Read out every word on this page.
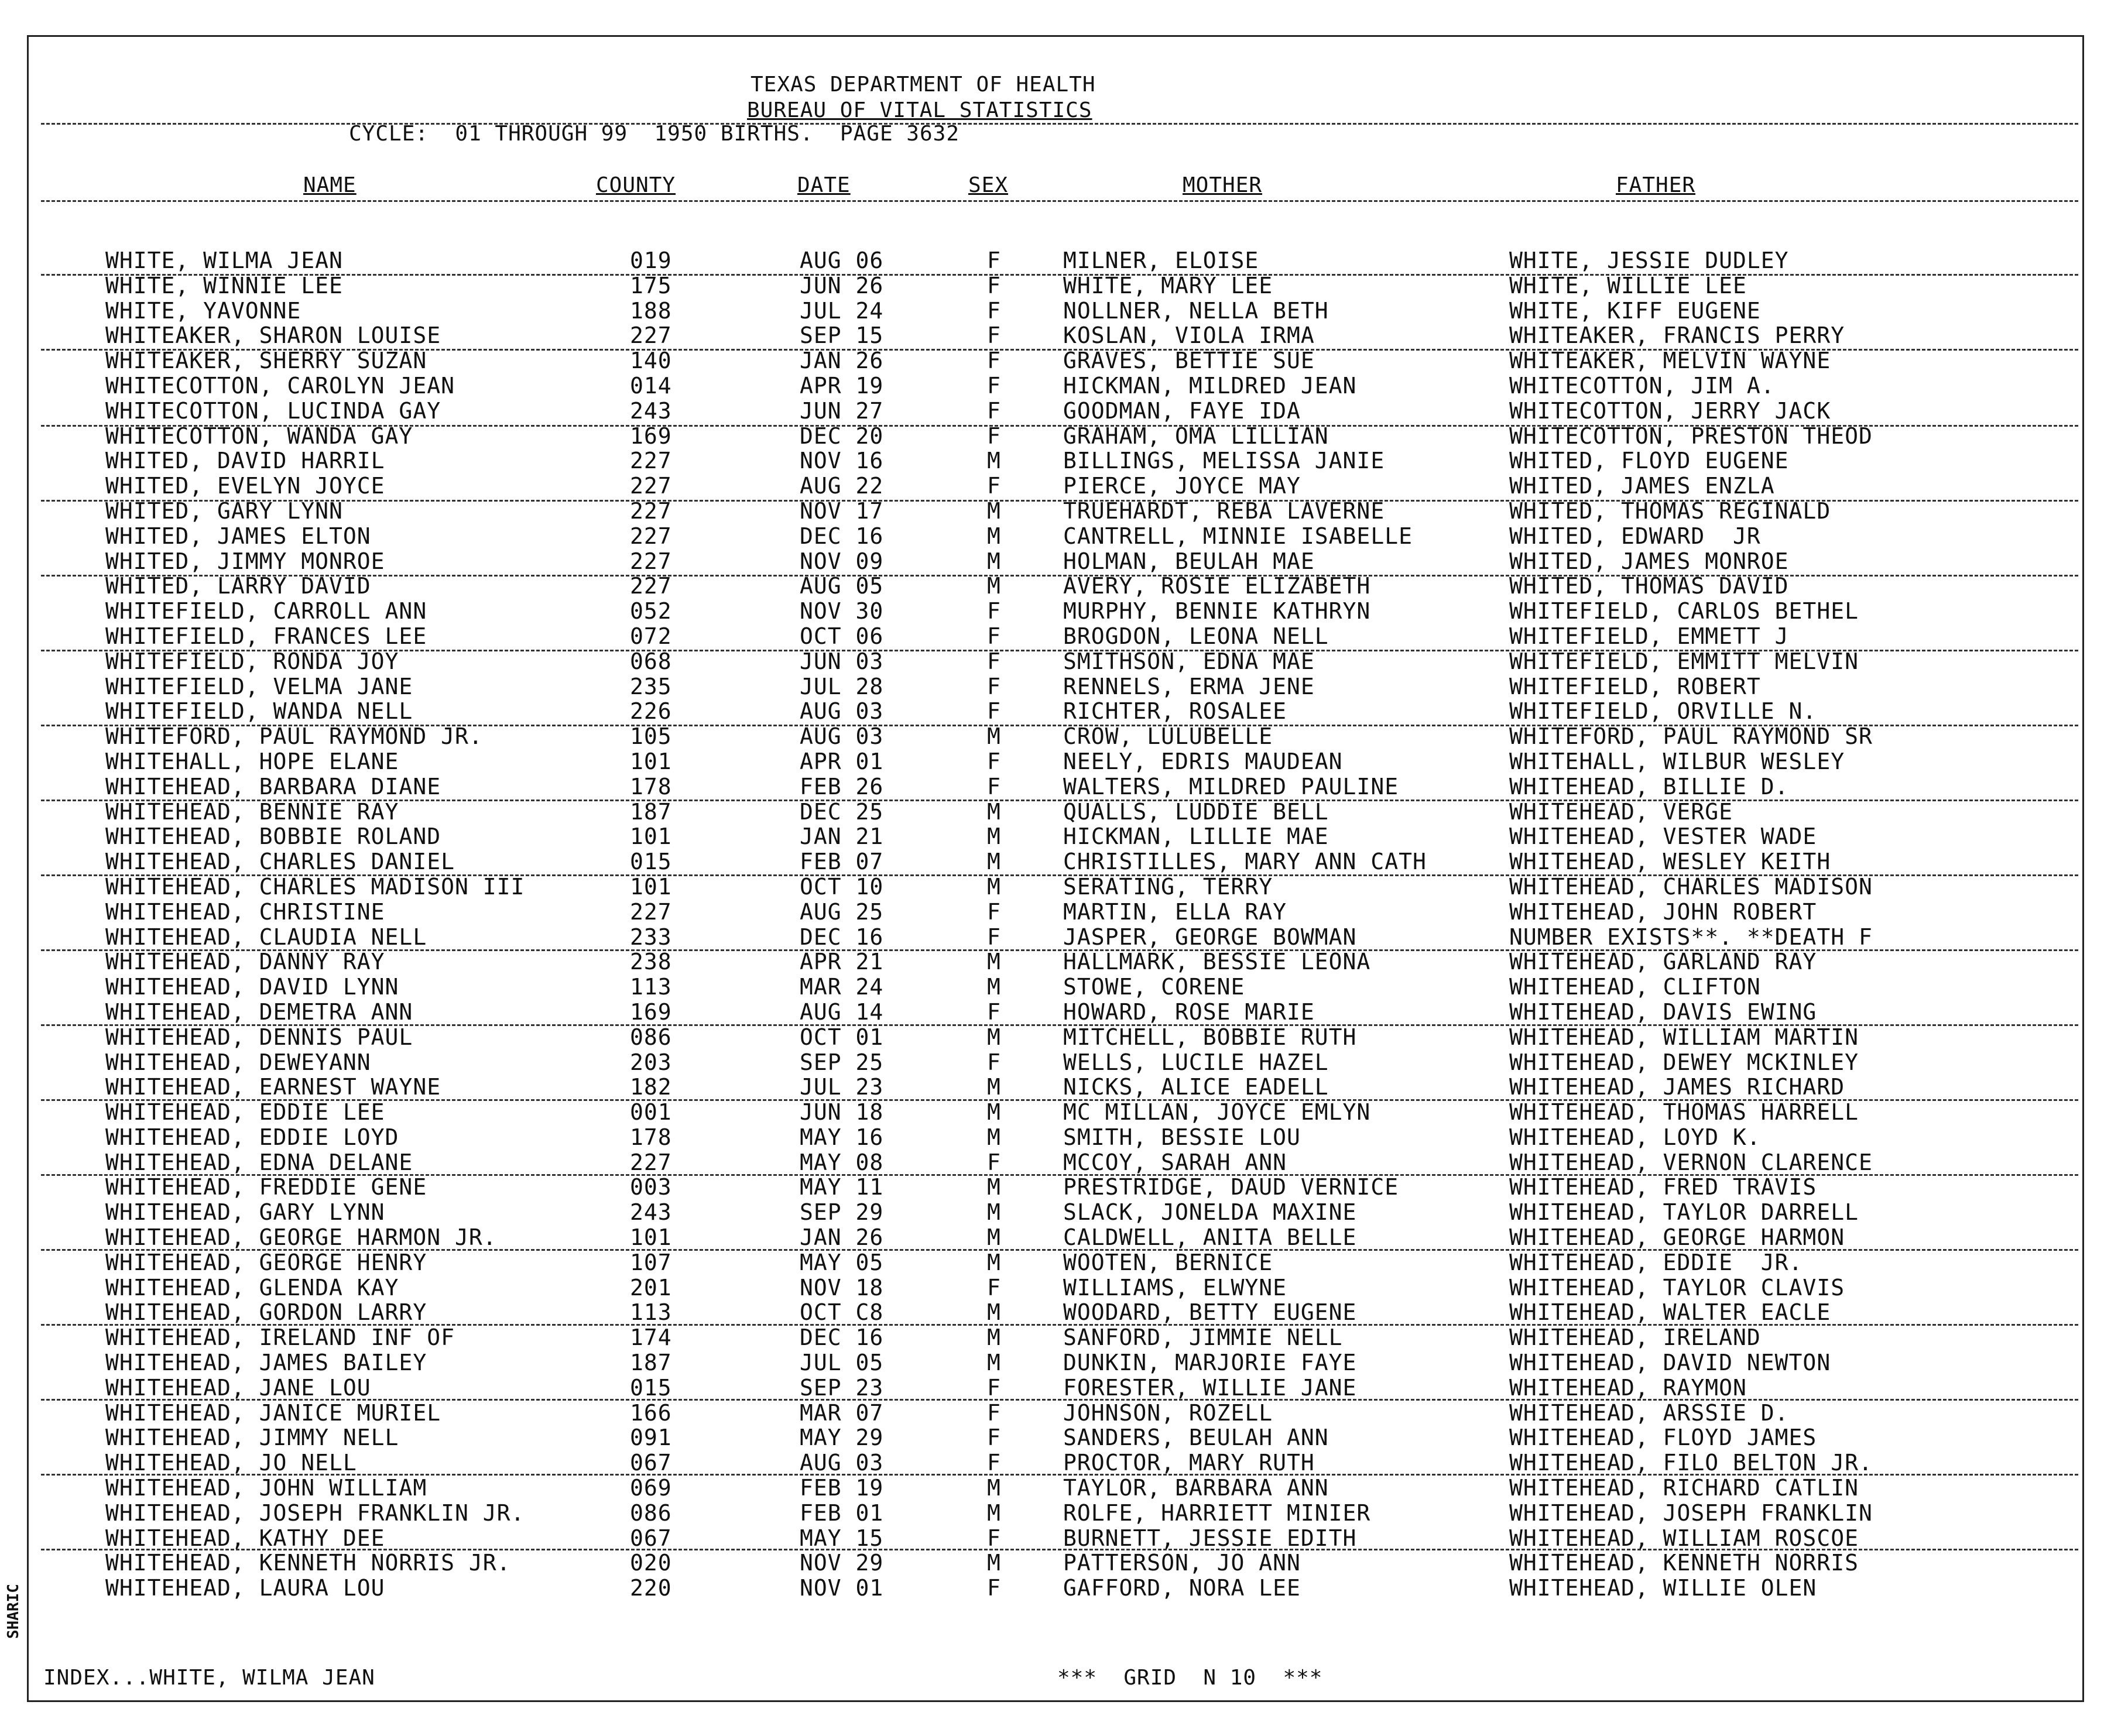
SHARIC
TEXAS DEPARTMENT OF HEALTH
BUREAU OF VITAL STATISTICS
CYCLE:  01 THROUGH 99  1950 BIRTHS.  PAGE 3632
NAME	COUNTY	DATE	SEX	MOTHER	FATHER
WHITE, WILMA JEAN	019	AUG 06	F	MILNER, ELOISE	WHITE, JESSIE DUDLEY
WHITE, WINNIE LEE	175	JUN 26	F	WHITE, MARY LEE	WHITE, WILLIE LEE
WHITE, YAVONNE	188	JUL 24	F	NOLLNER, NELLA BETH	WHITE, KIFF EUGENE
WHITEAKER, SHARON LOUISE	227	SEP 15	F	KOSLAN, VIOLA IRMA	WHITEAKER, FRANCIS PERRY
WHITEAKER, SHERRY SUZAN	140	JAN 26	F	GRAVES, BETTIE SUE	WHITEAKER, MELVIN WAYNE
WHITECOTTON, CAROLYN JEAN	014	APR 19	F	HICKMAN, MILDRED JEAN	WHITECOTTON, JIM A.
WHITECOTTON, LUCINDA GAY	243	JUN 27	F	GOODMAN, FAYE IDA	WHITECOTTON, JERRY JACK
WHITECOTTON, WANDA GAY	169	DEC 20	F	GRAHAM, OMA LILLIAN	WHITECOTTON, PRESTON THEOD
WHITED, DAVID HARRIL	227	NOV 16	M	BILLINGS, MELISSA JANIE	WHITED, FLOYD EUGENE
WHITED, EVELYN JOYCE	227	AUG 22	F	PIERCE, JOYCE MAY	WHITED, JAMES ENZLA
WHITED, GARY LYNN	227	NOV 17	M	TRUEHARDT, REBA LAVERNE	WHITED, THOMAS REGINALD
WHITED, JAMES ELTON	227	DEC 16	M	CANTRELL, MINNIE ISABELLE	WHITED, EDWARD  JR
WHITED, JIMMY MONROE	227	NOV 09	M	HOLMAN, BEULAH MAE	WHITED, JAMES MONROE
WHITED, LARRY DAVID	227	AUG 05	M	AVERY, ROSIE ELIZABETH	WHITED, THOMAS DAVID
WHITEFIELD, CARROLL ANN	052	NOV 30	F	MURPHY, BENNIE KATHRYN	WHITEFIELD, CARLOS BETHEL
WHITEFIELD, FRANCES LEE	072	OCT 06	F	BROGDON, LEONA NELL	WHITEFIELD, EMMETT J
WHITEFIELD, RONDA JOY	068	JUN 03	F	SMITHSON, EDNA MAE	WHITEFIELD, EMMITT MELVIN
WHITEFIELD, VELMA JANE	235	JUL 28	F	RENNELS, ERMA JENE	WHITEFIELD, ROBERT
WHITEFIELD, WANDA NELL	226	AUG 03	F	RICHTER, ROSALEE	WHITEFIELD, ORVILLE N.
WHITEFORD, PAUL RAYMOND JR.	105	AUG 03	M	CROW, LULUBELLE	WHITEFORD, PAUL RAYMOND SR
WHITEHALL, HOPE ELANE	101	APR 01	F	NEELY, EDRIS MAUDEAN	WHITEHALL, WILBUR WESLEY
WHITEHEAD, BARBARA DIANE	178	FEB 26	F	WALTERS, MILDRED PAULINE	WHITEHEAD, BILLIE D.
WHITEHEAD, BENNIE RAY	187	DEC 25	M	QUALLS, LUDDIE BELL	WHITEHEAD, VERGE
WHITEHEAD, BOBBIE ROLAND	101	JAN 21	M	HICKMAN, LILLIE MAE	WHITEHEAD, VESTER WADE
WHITEHEAD, CHARLES DANIEL	015	FEB 07	M	CHRISTILLES, MARY ANN CATH	WHITEHEAD, WESLEY KEITH
WHITEHEAD, CHARLES MADISON III	101	OCT 10	M	SERATING, TERRY	WHITEHEAD, CHARLES MADISON
WHITEHEAD, CHRISTINE	227	AUG 25	F	MARTIN, ELLA RAY	WHITEHEAD, JOHN ROBERT
WHITEHEAD, CLAUDIA NELL	233	DEC 16	F	JASPER, GEORGE BOWMAN	NUMBER EXISTS**. **DEATH F
WHITEHEAD, DANNY RAY	238	APR 21	M	HALLMARK, BESSIE LEONA	WHITEHEAD, GARLAND RAY
WHITEHEAD, DAVID LYNN	113	MAR 24	M	STOWE, CORENE	WHITEHEAD, CLIFTON
WHITEHEAD, DEMETRA ANN	169	AUG 14	F	HOWARD, ROSE MARIE	WHITEHEAD, DAVIS EWING
WHITEHEAD, DENNIS PAUL	086	OCT 01	M	MITCHELL, BOBBIE RUTH	WHITEHEAD, WILLIAM MARTIN
WHITEHEAD, DEWEYANN	203	SEP 25	F	WELLS, LUCILE HAZEL	WHITEHEAD, DEWEY MCKINLEY
WHITEHEAD, EARNEST WAYNE	182	JUL 23	M	NICKS, ALICE EADELL	WHITEHEAD, JAMES RICHARD
WHITEHEAD, EDDIE LEE	001	JUN 18	M	MC MILLAN, JOYCE EMLYN	WHITEHEAD, THOMAS HARRELL
WHITEHEAD, EDDIE LOYD	178	MAY 16	M	SMITH, BESSIE LOU	WHITEHEAD, LOYD K.
WHITEHEAD, EDNA DELANE	227	MAY 08	F	MCCOY, SARAH ANN	WHITEHEAD, VERNON CLARENCE
WHITEHEAD, FREDDIE GENE	003	MAY 11	M	PRESTRIDGE, DAUD VERNICE	WHITEHEAD, FRED TRAVIS
WHITEHEAD, GARY LYNN	243	SEP 29	M	SLACK, JONELDA MAXINE	WHITEHEAD, TAYLOR DARRELL
WHITEHEAD, GEORGE HARMON JR.	101	JAN 26	M	CALDWELL, ANITA BELLE	WHITEHEAD, GEORGE HARMON
WHITEHEAD, GEORGE HENRY	107	MAY 05	M	WOOTEN, BERNICE	WHITEHEAD, EDDIE  JR.
WHITEHEAD, GLENDA KAY	201	NOV 18	F	WILLIAMS, ELWYNE	WHITEHEAD, TAYLOR CLAVIS
WHITEHEAD, GORDON LARRY	113	OCT C8	M	WOODARD, BETTY EUGENE	WHITEHEAD, WALTER EACLE
WHITEHEAD, IRELAND INF OF	174	DEC 16	M	SANFORD, JIMMIE NELL	WHITEHEAD, IRELAND
WHITEHEAD, JAMES BAILEY	187	JUL 05	M	DUNKIN, MARJORIE FAYE	WHITEHEAD, DAVID NEWTON
WHITEHEAD, JANE LOU	015	SEP 23	F	FORESTER, WILLIE JANE	WHITEHEAD, RAYMON
WHITEHEAD, JANICE MURIEL	166	MAR 07	F	JOHNSON, ROZELL	WHITEHEAD, ARSSIE D.
WHITEHEAD, JIMMY NELL	091	MAY 29	F	SANDERS, BEULAH ANN	WHITEHEAD, FLOYD JAMES
WHITEHEAD, JO NELL	067	AUG 03	F	PROCTOR, MARY RUTH	WHITEHEAD, FILO BELTON JR.
WHITEHEAD, JOHN WILLIAM	069	FEB 19	M	TAYLOR, BARBARA ANN	WHITEHEAD, RICHARD CATLIN
WHITEHEAD, JOSEPH FRANKLIN JR.	086	FEB 01	M	ROLFE, HARRIETT MINIER	WHITEHEAD, JOSEPH FRANKLIN
WHITEHEAD, KATHY DEE	067	MAY 15	F	BURNETT, JESSIE EDITH	WHITEHEAD, WILLIAM ROSCOE
WHITEHEAD, KENNETH NORRIS JR.	020	NOV 29	M	PATTERSON, JO ANN	WHITEHEAD, KENNETH NORRIS
WHITEHEAD, LAURA LOU	220	NOV 01	F	GAFFORD, NORA LEE	WHITEHEAD, WILLIE OLEN
INDEX...WHITE, WILMA JEAN	***  GRID  N 10  ***
